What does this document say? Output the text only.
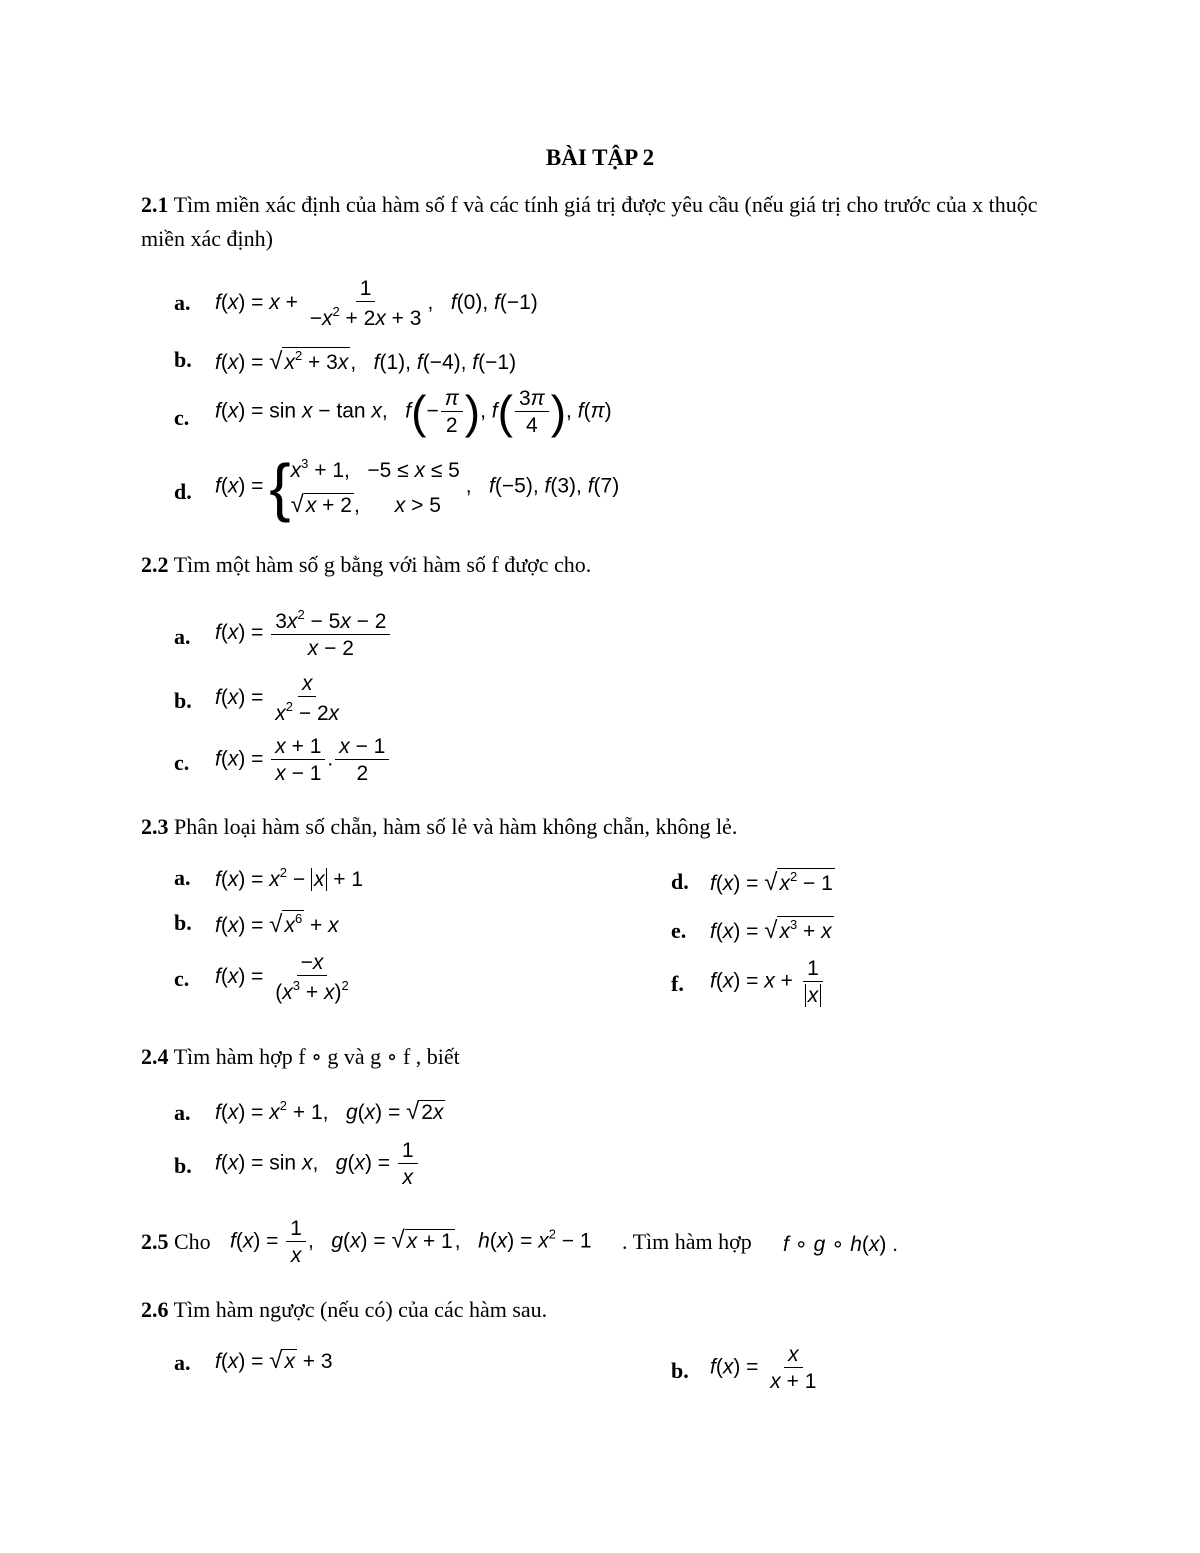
BÀI TẬP 2
2.1 Tìm miền xác định của hàm số f và các tính giá trị được yêu cầu (nếu giá trị cho trước của x thuộc miền xác định)
a. $f(x) = x + \frac{1}{-x^2 + 2x + 3}$ ,   f(0), f(−1)
b. $f(x) = √x^2 + 3x$,   f(1), f(−4), f(−1)
c. f(x) = sin x − tan x,   $f(- \frac{\pi}{2}$ ), $f( \frac{3\pi}{4}$ ), f(π)
d. f(x) = { $x^3 + 1$,   −5 ≤ x ≤ 5
√x + 2,      x > 5
,   f(−5), f(3), f(7)
2.2 Tìm một hàm số g bằng với hàm số f được cho.
a. $f(x) = \frac{3x^2 - 5x - 2}{x - 2}$
b. $f(x) = \frac{x}{x^2 - 2x}$
c. $f(x) = \frac{x + 1}{x - 1}$ . $\frac{x - 1}{2}$
2.3 Phân loại hàm số chẵn, hàm số lẻ và hàm không chẵn, không lẻ.
a. $f(x) = x^2 - x + 1$
b. $f(x) = √x^6 + x$
c. $f(x) = \frac{-x}{(x^3 + x)^2}$
d. $f(x) = √x^2 - 1$
e. $f(x) = √x^3 + x$
f. $f(x) = x + \frac{1}{x}$
2.4 Tìm hàm hợp f ∘ g và g ∘ f , biết
a. $f(x) = x^2 + 1$,   g(x) = √2x
b. f(x) = sin x,   $g(x) = \frac{1}{x}$
2.5 Cho $f(x) = \frac{1}{x}$ ,   g(x) = √x + 1,   $h(x) = x^2 - 1$ . Tìm hàm hợp f ∘ g ∘ h(x) .
2.6 Tìm hàm ngược (nếu có) của các hàm sau.
a. f(x) = √x + 3	b. $f(x) = \frac{x}{x + 1}$
